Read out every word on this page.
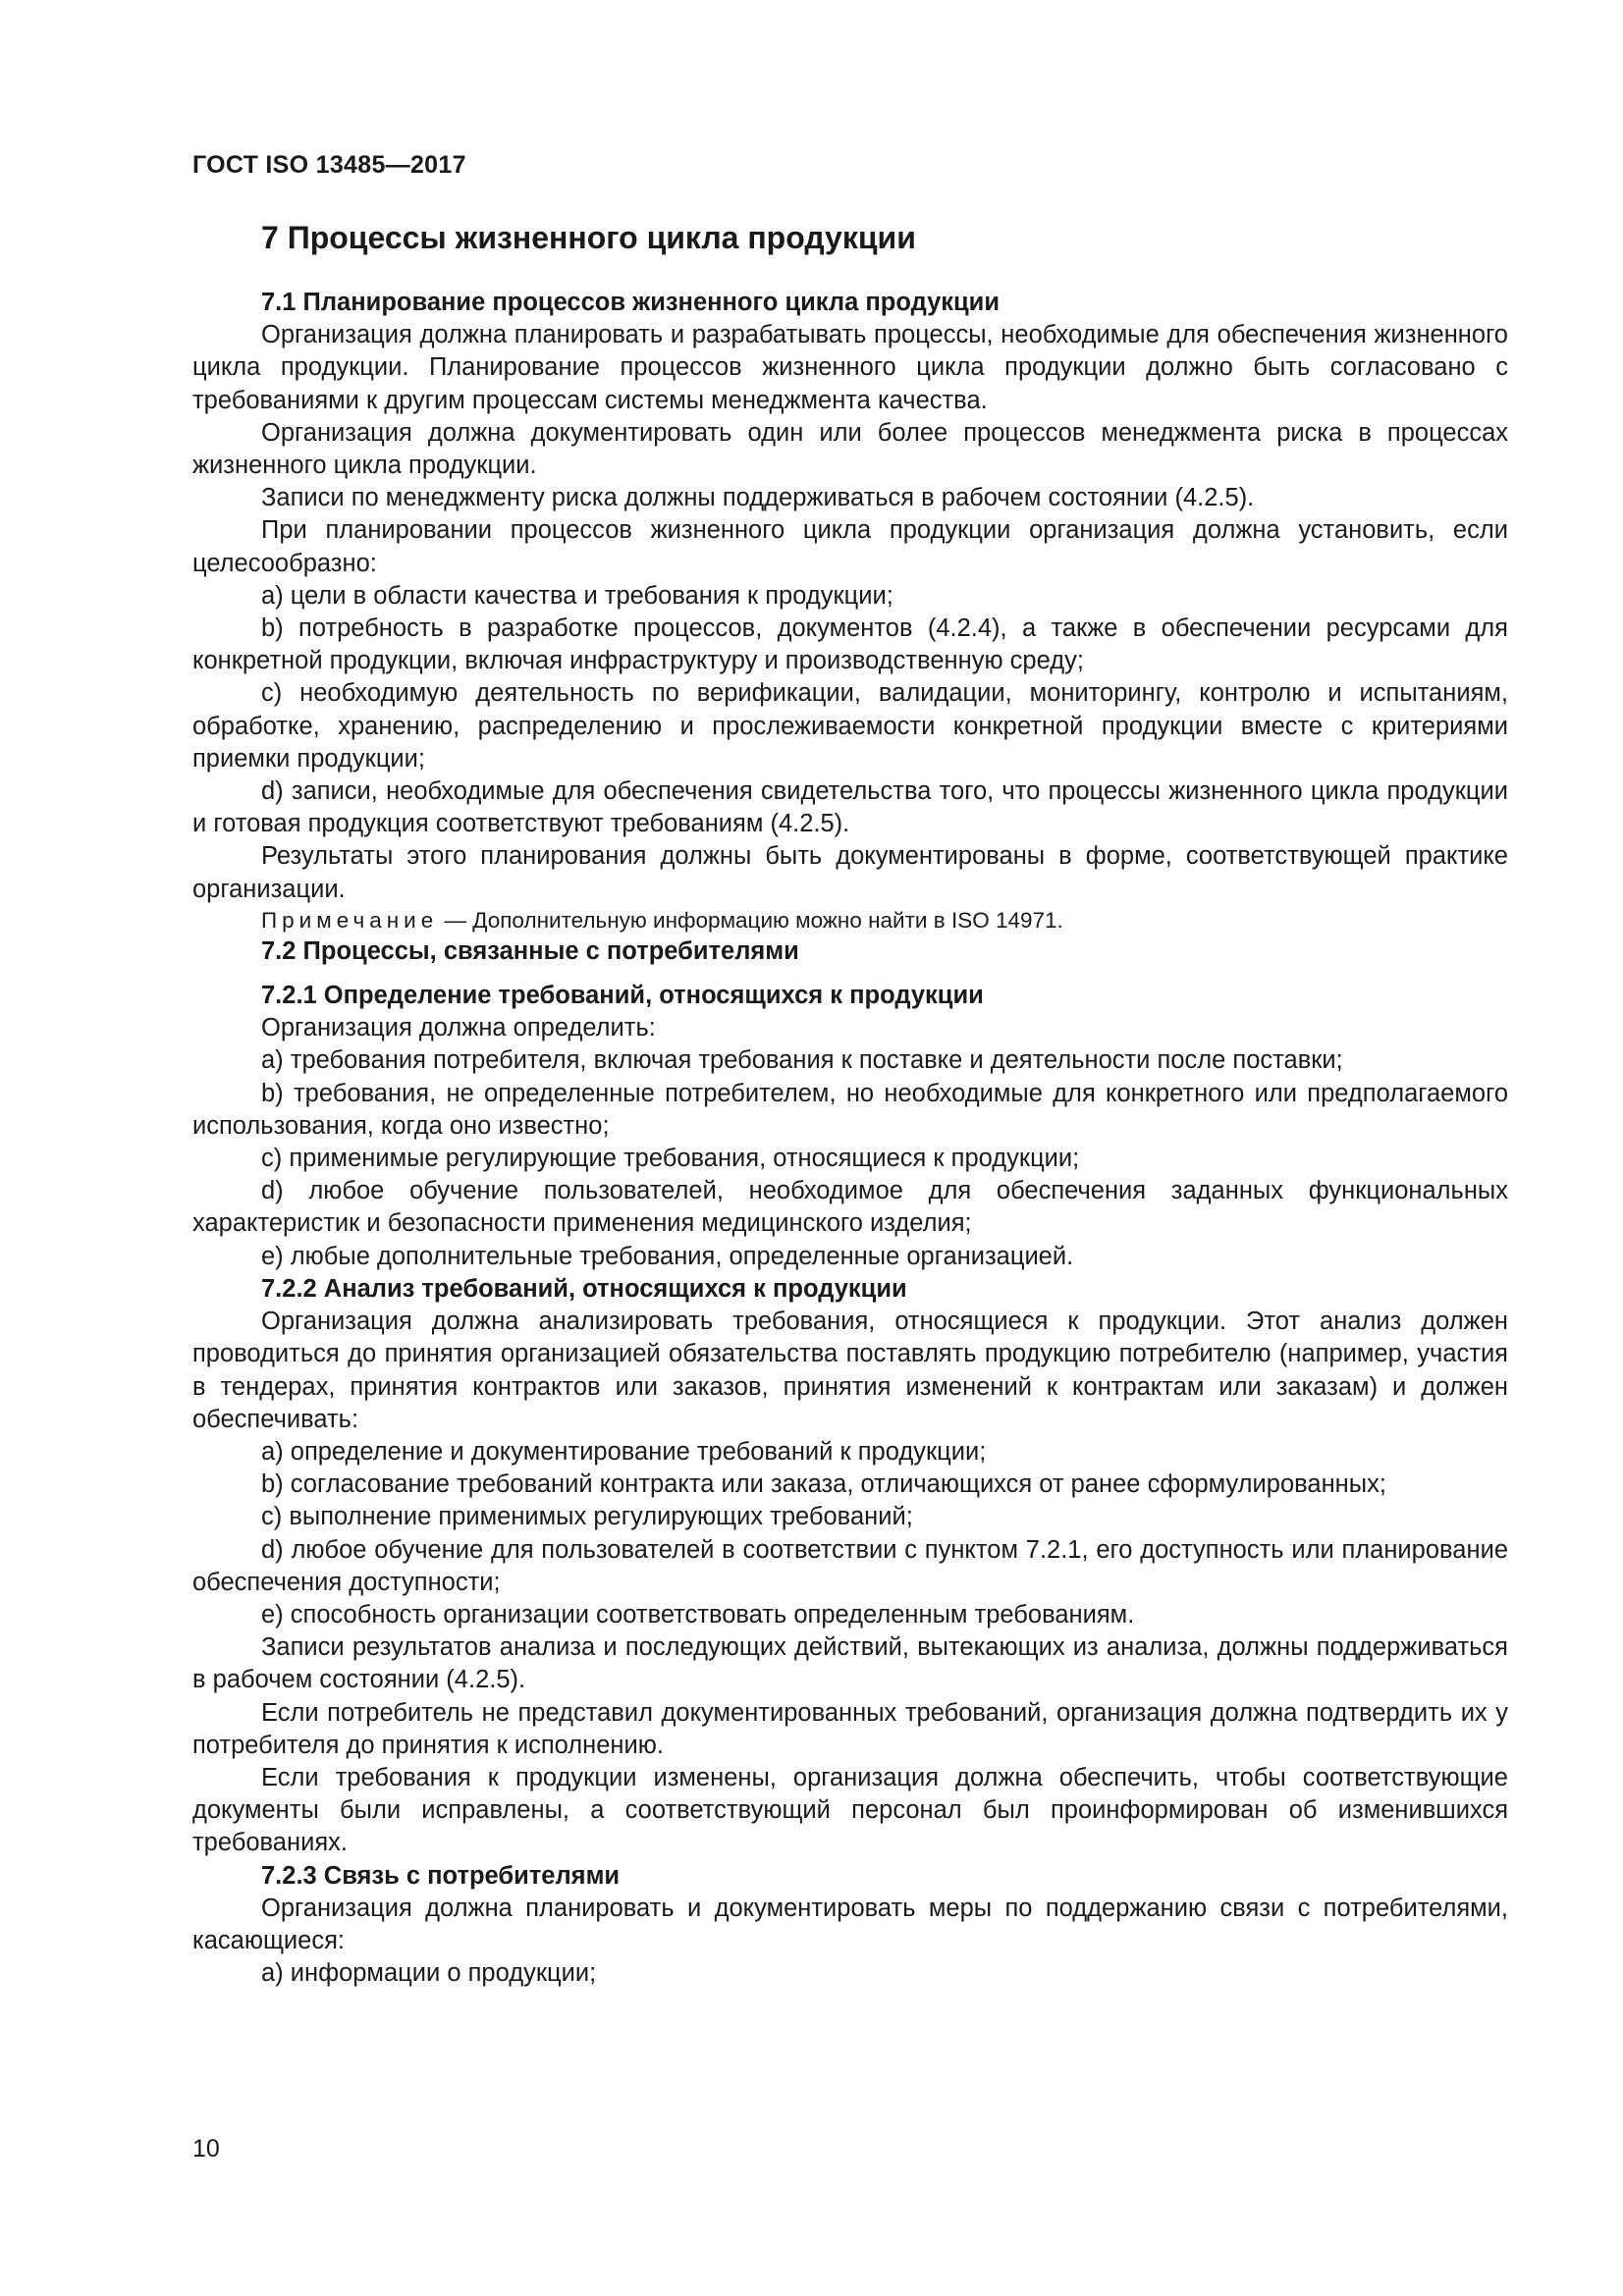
ГОСТ ISO 13485—2017

7 Процессы жизненного цикла продукции

7.1 Планирование процессов жизненного цикла продукции

Организация должна планировать и разрабатывать процессы, необходимые для обеспечения жизненного цикла продукции. Планирование процессов жизненного цикла продукции должно быть согласовано с требованиями к другим процессам системы менеджмента качества.

Организация должна документировать один или более процессов менеджмента риска в процессах жизненного цикла продукции.

Записи по менеджменту риска должны поддерживаться в рабочем состоянии (4.2.5).

При планировании процессов жизненного цикла продукции организация должна установить, если целесообразно:

a) цели в области качества и требования к продукции;

b) потребность в разработке процессов, документов (4.2.4), а также в обеспечении ресурсами для конкретной продукции, включая инфраструктуру и производственную среду;

c) необходимую деятельность по верификации, валидации, мониторингу, контролю и испытаниям, обработке, хранению, распределению и прослеживаемости конкретной продукции вместе с критериями приемки продукции;

d) записи, необходимые для обеспечения свидетельства того, что процессы жизненного цикла продукции и готовая продукция соответствуют требованиям (4.2.5).

Результаты этого планирования должны быть документированы в форме, соответствующей практике организации.

Примечание — Дополнительную информацию можно найти в ISO 14971.

7.2 Процессы, связанные с потребителями

7.2.1 Определение требований, относящихся к продукции

Организация должна определить:

a) требования потребителя, включая требования к поставке и деятельности после поставки;

b) требования, не определенные потребителем, но необходимые для конкретного или предполагаемого использования, когда оно известно;

c) применимые регулирующие требования, относящиеся к продукции;

d) любое обучение пользователей, необходимое для обеспечения заданных функциональных характеристик и безопасности применения медицинского изделия;

e) любые дополнительные требования, определенные организацией.

7.2.2 Анализ требований, относящихся к продукции

Организация должна анализировать требования, относящиеся к продукции. Этот анализ должен проводиться до принятия организацией обязательства поставлять продукцию потребителю (например, участия в тендерах, принятия контрактов или заказов, принятия изменений к контрактам или заказам) и должен обеспечивать:

a) определение и документирование требований к продукции;

b) согласование требований контракта или заказа, отличающихся от ранее сформулированных;

c) выполнение применимых регулирующих требований;

d) любое обучение для пользователей в соответствии с пунктом 7.2.1, его доступность или планирование обеспечения доступности;

e) способность организации соответствовать определенным требованиям.

Записи результатов анализа и последующих действий, вытекающих из анализа, должны поддерживаться в рабочем состоянии (4.2.5).

Если потребитель не представил документированных требований, организация должна подтвердить их у потребителя до принятия к исполнению.

Если требования к продукции изменены, организация должна обеспечить, чтобы соответствующие документы были исправлены, а соответствующий персонал был проинформирован об изменившихся требованиях.

7.2.3 Связь с потребителями

Организация должна планировать и документировать меры по поддержанию связи с потребителями, касающиеся:

a) информации о продукции;

10
